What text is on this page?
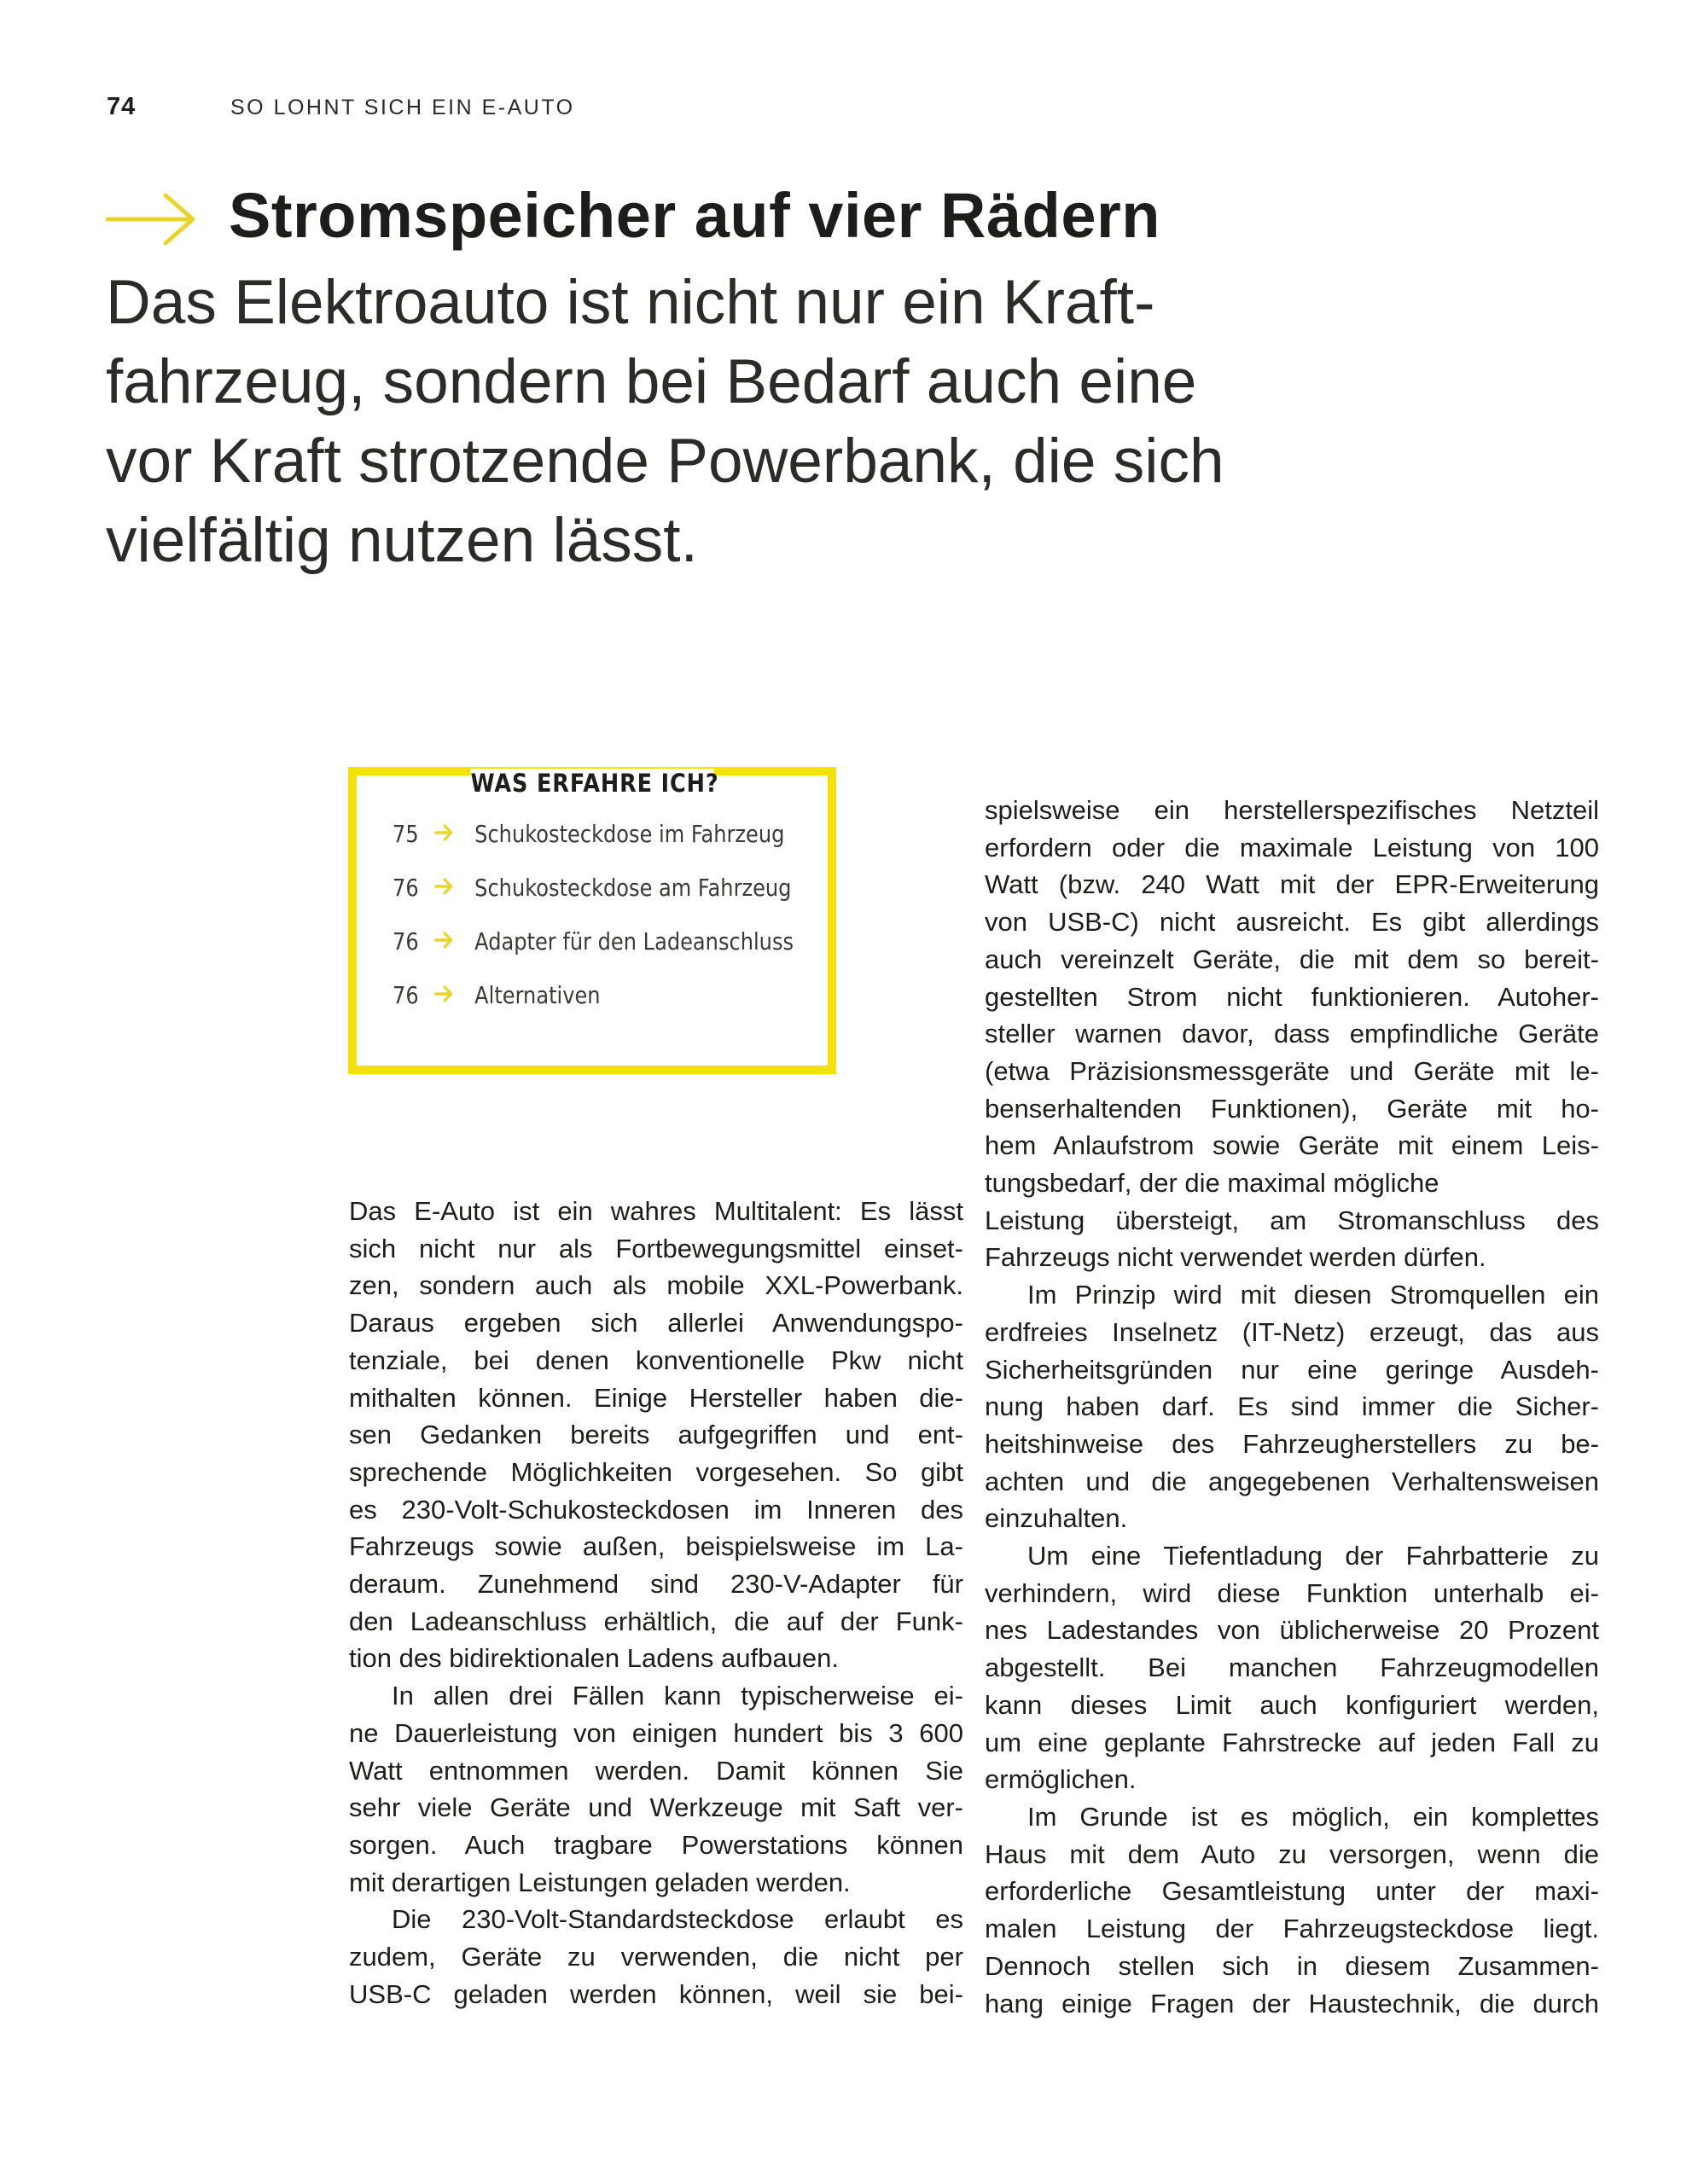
74	SO LOHNT SICH EIN E-AUTO
Stromspeicher auf vier Rädern
Das Elektroauto ist nicht nur ein Kraft-
fahrzeug, sondern bei Bedarf auch eine
vor Kraft strotzende Powerbank, die sich
vielfältig nutzen lässt.
WAS ERFAHRE ICH?
75 Schukosteckdose im Fahrzeug
76 Schukosteckdose am Fahrzeug
76 Adapter für den Ladeanschluss
76 Alternativen
Das E-Auto ist ein wahres Multitalent: Es lässt
sich nicht nur als Fortbewegungsmittel einset-
zen, sondern auch als mobile XXL-Powerbank.
Daraus ergeben sich allerlei Anwendungspo-
tenziale, bei denen konventionelle Pkw nicht
mithalten können. Einige Hersteller haben die-
sen Gedanken bereits aufgegriffen und ent-
sprechende Möglichkeiten vorgesehen. So gibt
es 230-Volt-Schukosteckdosen im Inneren des
Fahrzeugs sowie außen, beispielsweise im La-
deraum. Zunehmend sind 230-V-Adapter für
den Ladeanschluss erhältlich, die auf der Funk-
tion des bidirektionalen Ladens aufbauen.
In allen drei Fällen kann typischerweise ei-
ne Dauerleistung von einigen hundert bis 3 600
Watt entnommen werden. Damit können Sie
sehr viele Geräte und Werkzeuge mit Saft ver-
sorgen. Auch tragbare Powerstations können
mit derartigen Leistungen geladen werden.
Die 230-Volt-Standardsteckdose erlaubt es
zudem, Geräte zu verwenden, die nicht per
USB-C geladen werden können, weil sie bei-
spielsweise ein herstellerspezifisches Netzteil
erfordern oder die maximale Leistung von 100
Watt (bzw. 240 Watt mit der EPR-Erweiterung
von USB-C) nicht ausreicht. Es gibt allerdings
auch vereinzelt Geräte, die mit dem so bereit-
gestellten Strom nicht funktionieren. Autoher-
steller warnen davor, dass empfindliche Geräte
(etwa Präzisionsmessgeräte und Geräte mit le-
benserhaltenden Funktionen), Geräte mit ho-
hem Anlaufstrom sowie Geräte mit einem Leis-
tungsbedarf, der die maximal mögliche
Leistung übersteigt, am Stromanschluss des
Fahrzeugs nicht verwendet werden dürfen.
Im Prinzip wird mit diesen Stromquellen ein
erdfreies Inselnetz (IT-Netz) erzeugt, das aus
Sicherheitsgründen nur eine geringe Ausdeh-
nung haben darf. Es sind immer die Sicher-
heitshinweise des Fahrzeugherstellers zu be-
achten und die angegebenen Verhaltensweisen
einzuhalten.
Um eine Tiefentladung der Fahrbatterie zu
verhindern, wird diese Funktion unterhalb ei-
nes Ladestandes von üblicherweise 20 Prozent
abgestellt. Bei manchen Fahrzeugmodellen
kann dieses Limit auch konfiguriert werden,
um eine geplante Fahrstrecke auf jeden Fall zu
ermöglichen.
Im Grunde ist es möglich, ein komplettes
Haus mit dem Auto zu versorgen, wenn die
erforderliche Gesamtleistung unter der maxi-
malen Leistung der Fahrzeugsteckdose liegt.
Dennoch stellen sich in diesem Zusammen-
hang einige Fragen der Haustechnik, die durch
